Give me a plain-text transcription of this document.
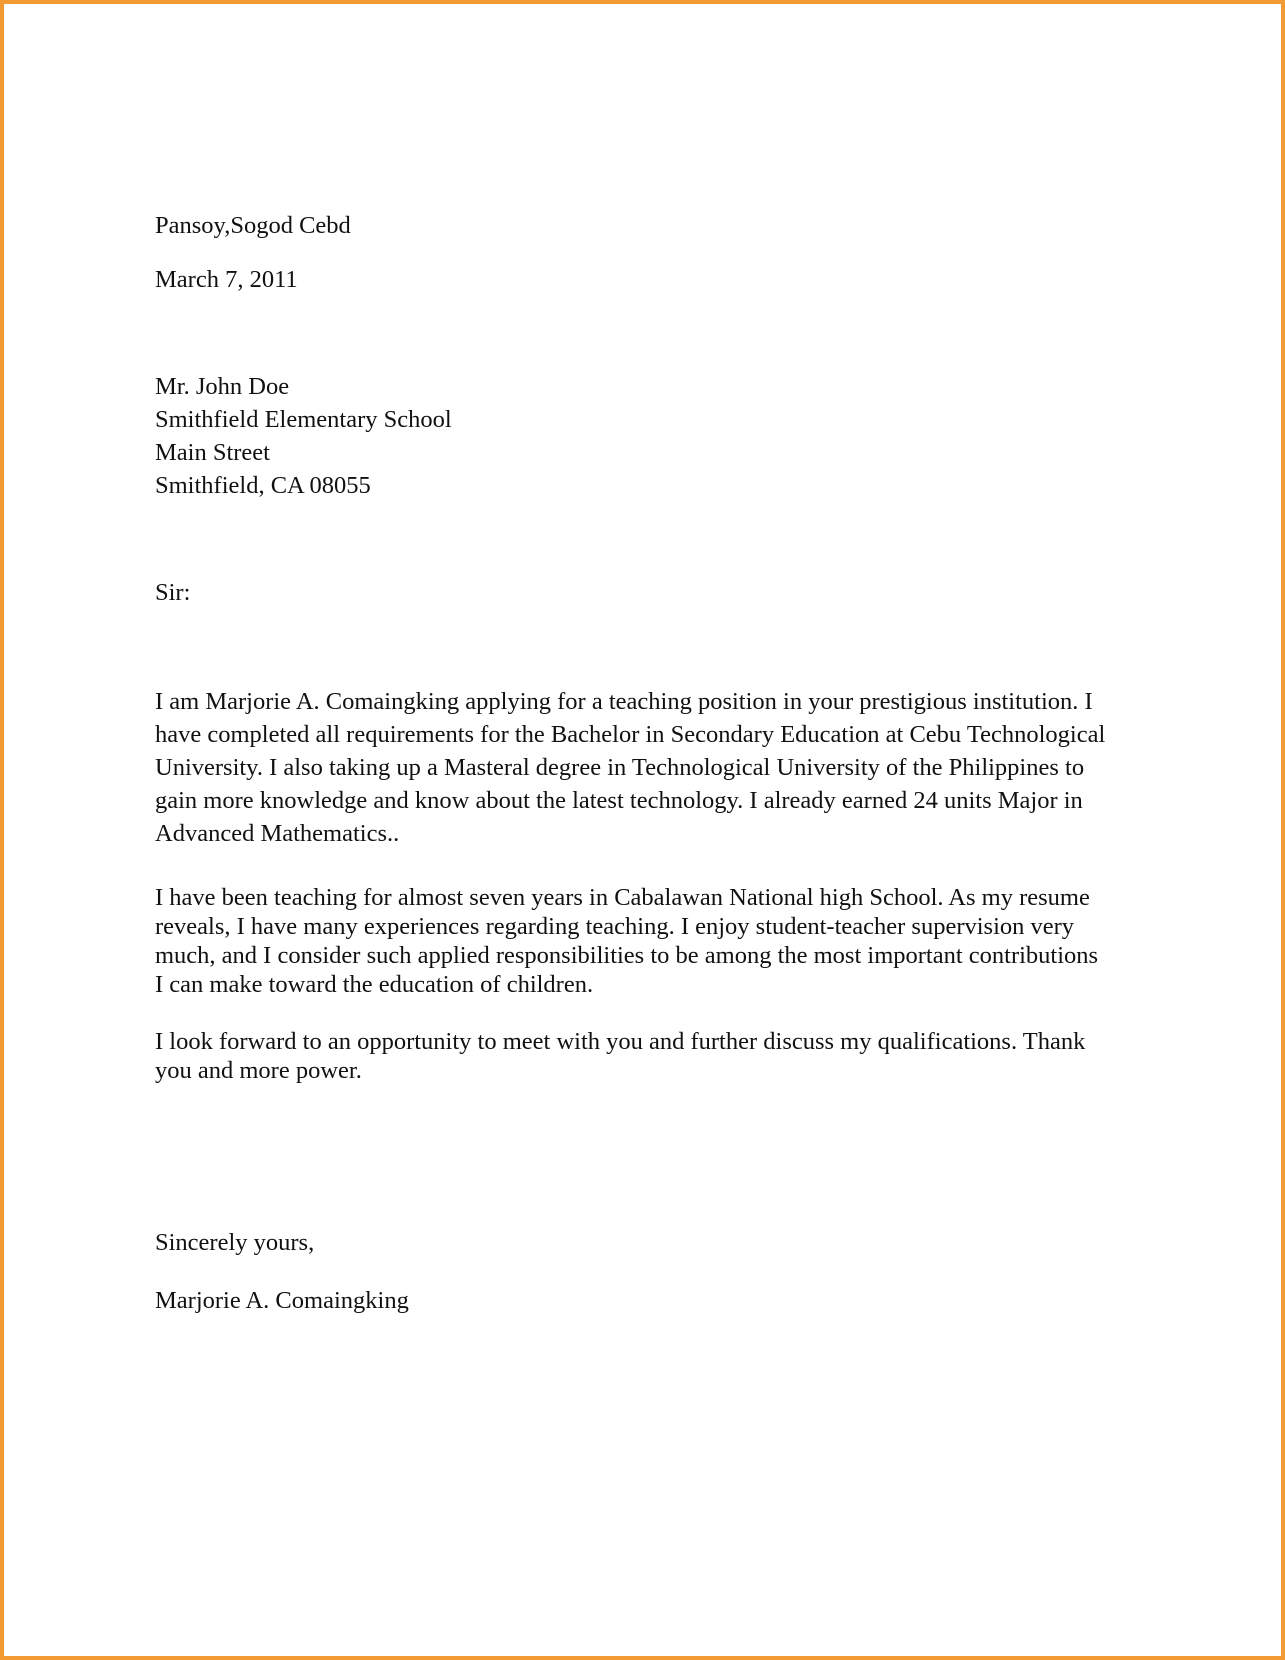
Pansoy,Sogod Cebd
March 7, 2011
Mr. John Doe
Smithfield Elementary School
Main Street
Smithfield, CA 08055
Sir:
I am Marjorie A. Comaingking applying for a teaching position in your prestigious institution. I
have completed all requirements for the Bachelor in Secondary Education at Cebu Technological
University. I also taking up a Masteral degree in Technological University of the Philippines to
gain more knowledge and know about the latest technology. I already earned 24 units Major in
Advanced Mathematics..
I have been teaching for almost seven years in Cabalawan National high School. As my resume
reveals, I have many experiences regarding teaching. I enjoy student-teacher supervision very
much, and I consider such applied responsibilities to be among the most important contributions
I can make toward the education of children.
I look forward to an opportunity to meet with you and further discuss my qualifications. Thank
you and more power.
Sincerely yours,
Marjorie A. Comaingking
